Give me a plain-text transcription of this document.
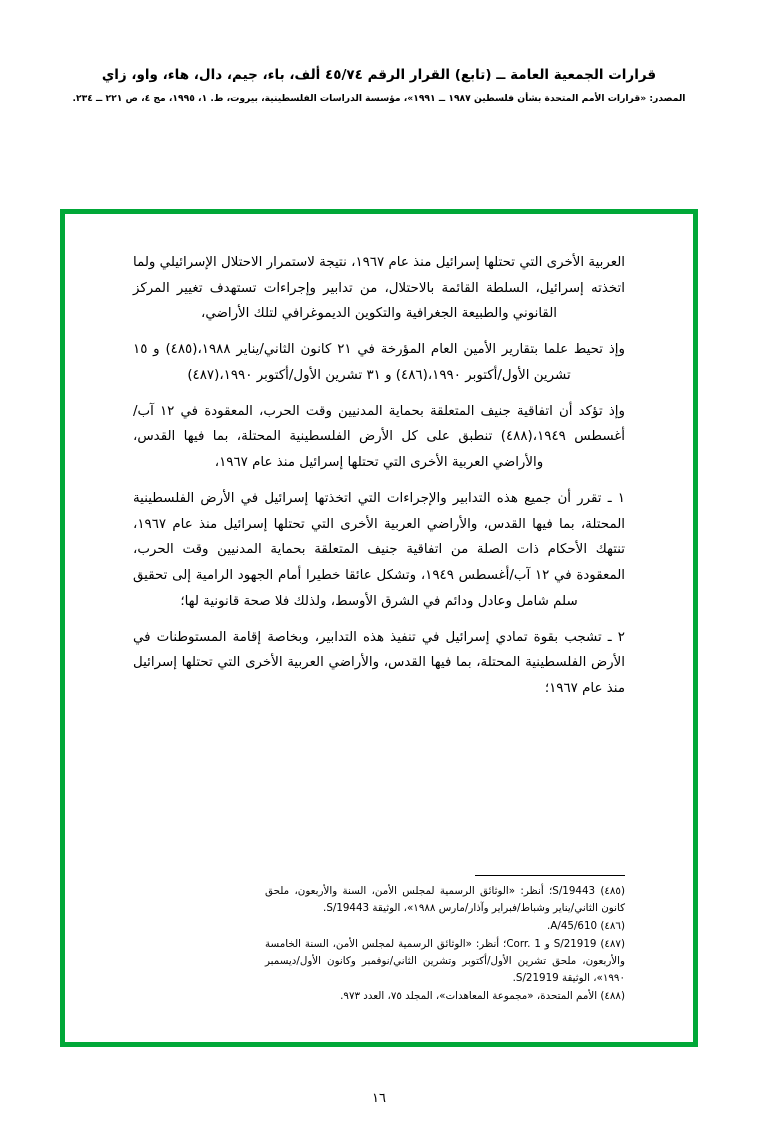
قرارات الجمعية العامة ــ (تابع) القرار الرقم ٤٥/٧٤ ألف، باء، جيم، دال، هاء، واو، زاي
المصدر: «قرارات الأمم المتحدة بشأن فلسطين ١٩٨٧ ــ ١٩٩١»، مؤسسة الدراسات الفلسطينية، بيروت، ط. ١، ١٩٩٥، مج ٤، ص ٢٢١ ــ ٢٣٤.

العربية الأخرى التي تحتلها إسرائيل منذ عام ١٩٦٧، نتيجة لاستمرار الاحتلال الإسرائيلي ولما اتخذته إسرائيل، السلطة القائمة بالاحتلال، من تدابير وإجراءات تستهدف تغيير المركز القانوني والطبيعة الجغرافية والتكوين الديموغرافي لتلك الأراضي،

وإذ تحيط علما بتقارير الأمين العام المؤرخة في ٢١ كانون الثاني/يناير ١٩٨٨،(٤٨٥) و ١٥ تشرين الأول/أكتوبر ١٩٩٠،(٤٨٦) و ٣١ تشرين الأول/أكتوبر ١٩٩٠،(٤٨٧)

وإذ تؤكد أن اتفاقية جنيف المتعلقة بحماية المدنيين وقت الحرب، المعقودة في ١٢ آب/أغسطس ١٩٤٩،(٤٨٨) تنطبق على كل الأرض الفلسطينية المحتلة، بما فيها القدس، والأراضي العربية الأخرى التي تحتلها إسرائيل منذ عام ١٩٦٧،

١ ـ تقرر أن جميع هذه التدابير والإجراءات التي اتخذتها إسرائيل في الأرض الفلسطينية المحتلة، بما فيها القدس، والأراضي العربية الأخرى التي تحتلها إسرائيل منذ عام ١٩٦٧، تنتهك الأحكام ذات الصلة من اتفاقية جنيف المتعلقة بحماية المدنيين وقت الحرب، المعقودة في ١٢ آب/أغسطس ١٩٤٩، وتشكل عائقا خطيرا أمام الجهود الرامية إلى تحقيق سلم شامل وعادل ودائم في الشرق الأوسط، ولذلك فلا صحة قانونية لها؛

٢ ـ تشجب بقوة تمادي إسرائيل في تنفيذ هذه التدابير، وبخاصة إقامة المستوطنات في الأرض الفلسطينية المحتلة، بما فيها القدس، والأراضي العربية الأخرى التي تحتلها إسرائيل منذ عام ١٩٦٧؛

(٤٨٥) S/19443؛ أنظر: «الوثائق الرسمية لمجلس الأمن، السنة والأربعون، ملحق كانون الثاني/يناير وشباط/فبراير وآذار/مارس ١٩٨٨»، الوثيقة S/19443.

(٤٨٦) A/45/610.

(٤٨٧) S/21919 و Corr. 1؛ أنظر: «الوثائق الرسمية لمجلس الأمن، السنة الخامسة والأربعون، ملحق تشرين الأول/أكتوبر وتشرين الثاني/نوفمبر وكانون الأول/ديسمبر ١٩٩٠»، الوثيقة S/21919.

(٤٨٨) الأمم المتحدة، «مجموعة المعاهدات»، المجلد ٧٥، العدد ٩٧٣.

١٦
